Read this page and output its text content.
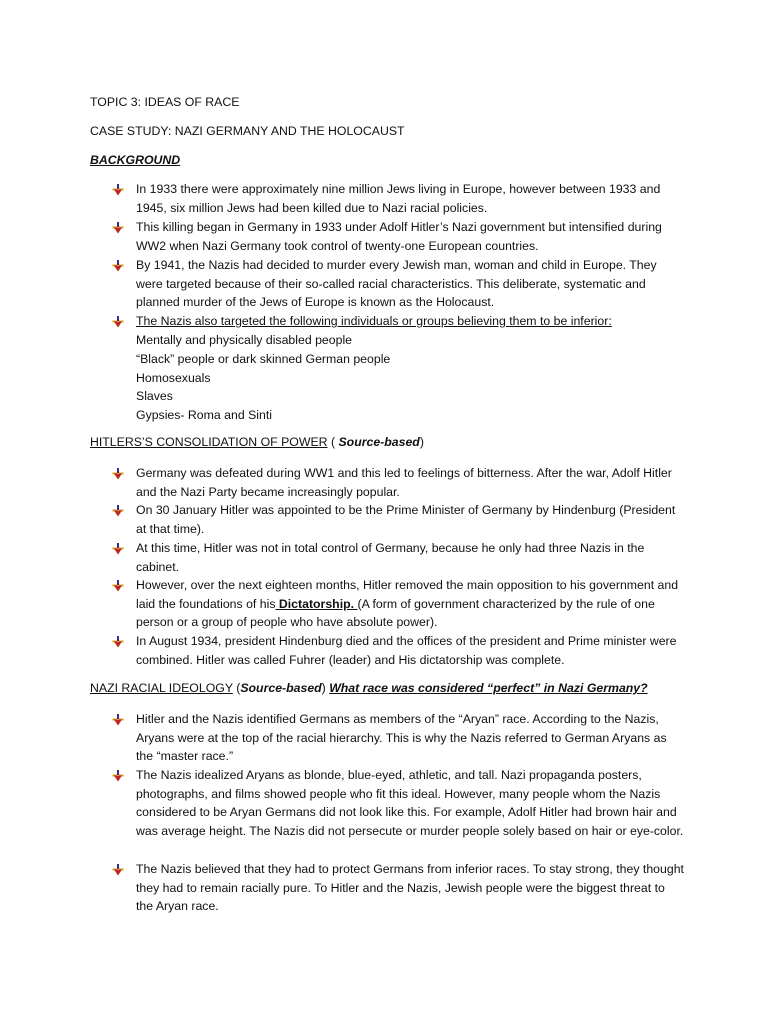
TOPIC 3: IDEAS OF RACE
CASE STUDY: NAZI GERMANY AND THE HOLOCAUST
BACKGROUND
In 1933 there were approximately nine million Jews living in Europe, however between 1933 and 1945, six million Jews had been killed due to Nazi racial policies.
This killing began in Germany in 1933 under Adolf Hitler’s Nazi government but intensified during WW2 when Nazi Germany took control of twenty-one European countries.
By 1941, the Nazis had decided to murder every Jewish man, woman and child in Europe. They were targeted because of their so-called racial characteristics. This deliberate, systematic and planned murder of the Jews of Europe is known as the Holocaust.
The Nazis also targeted the following individuals or groups believing them to be inferior:
Mentally and physically disabled people
“Black” people or dark skinned German people
Homosexuals
Slaves
Gypsies- Roma and Sinti
HITLERS’S CONSOLIDATION OF POWER ( Source-based)
Germany was defeated during WW1 and this led to feelings of bitterness. After the war, Adolf Hitler and the Nazi Party became increasingly popular.
On 30 January Hitler was appointed to be the Prime Minister of Germany by Hindenburg (President at that time).
At this time, Hitler was not in total control of Germany, because he only had three Nazis in the cabinet.
However, over the next eighteen months, Hitler removed the main opposition to his government and laid the foundations of his Dictatorship. (A form of government characterized by the rule of one person or a group of people who have absolute power).
In August 1934, president Hindenburg died and the offices of the president and Prime minister were combined. Hitler was called Fuhrer (leader) and His dictatorship was complete.
NAZI RACIAL IDEOLOGY (Source-based) What race was considered “perfect” in Nazi Germany?
Hitler and the Nazis identified Germans as members of the “Aryan” race. According to the Nazis, Aryans were at the top of the racial hierarchy. This is why the Nazis referred to German Aryans as the “master race.”
The Nazis idealized Aryans as blonde, blue-eyed, athletic, and tall. Nazi propaganda posters, photographs, and films showed people who fit this ideal. However, many people whom the Nazis considered to be Aryan Germans did not look like this. For example, Adolf Hitler had brown hair and was average height. The Nazis did not persecute or murder people solely based on hair or eye-color.
The Nazis believed that they had to protect Germans from inferior races. To stay strong, they thought they had to remain racially pure. To Hitler and the Nazis, Jewish people were the biggest threat to the Aryan race.
